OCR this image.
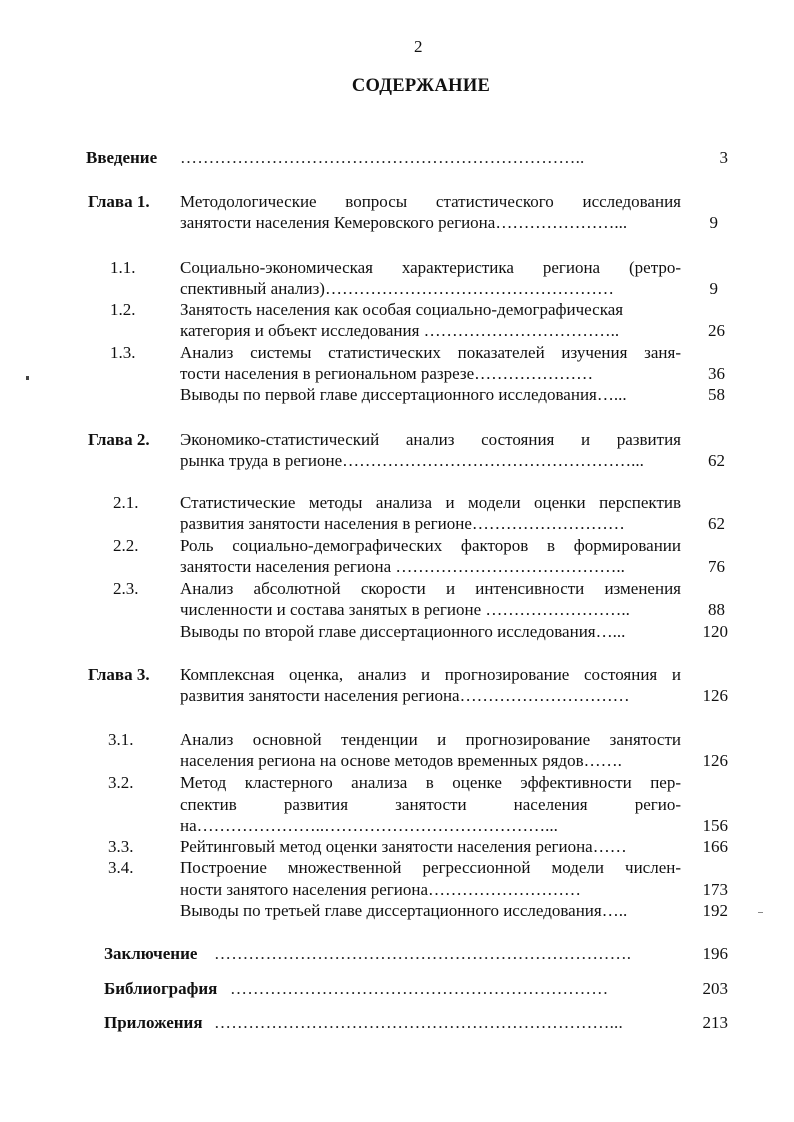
2
СОДЕРЖАНИЕ
Введение ……………………………………………………………..	3
Глава 1. Методологические вопросы статистического исследования
занятости населения Кемеровского региона…………………...	9
1.1.	Социально-экономическая характеристика региона (ретро-
спективный анализ)……………………………………………	9
1.2.	Занятость населения как особая социально-демографическая
категория и объект исследования ……………………………..	26
1.3.	Анализ системы статистических показателей изучения заня-
тости населения в региональном разрезе…………………	36
Выводы по первой главе диссертационного исследования…...	58
Глава 2. Экономико-статистический анализ состояния и развития
рынка труда в регионе……………………………………………...	62
2.1. Статистические методы анализа и модели оценки перспектив
развития занятости населения в регионе………………………	62
2.2. Роль социально-демографических факторов в формировании
занятости населения региона …………………………………..	76
2.3. Анализ абсолютной скорости и интенсивности изменения
численности и состава занятых в регионе ……………………..	88
Выводы по второй главе диссертационного исследования…...	120
Глава 3. Комплексная оценка, анализ и прогнозирование состояния и
развития занятости населения региона…………………………	126
3.1.	Анализ основной тенденции и прогнозирование занятости
населения региона на основе методов временных рядов…….	126
3.2.	Метод кластерного анализа в оценке эффективности пер-
спектив развития занятости населения регио-
на…………………..…………………………………...	156
3.3.	Рейтинговый метод оценки занятости населения региона……	166
3.4.	Построение множественной регрессионной модели числен-
ности занятого населения региона………………………	173
Выводы по третьей главе диссертационного исследования…..	192
Заключение ……………………………………………………………….	196
Библиография …………………………………………………………	203
Приложения ……………………………………………………………...	213
